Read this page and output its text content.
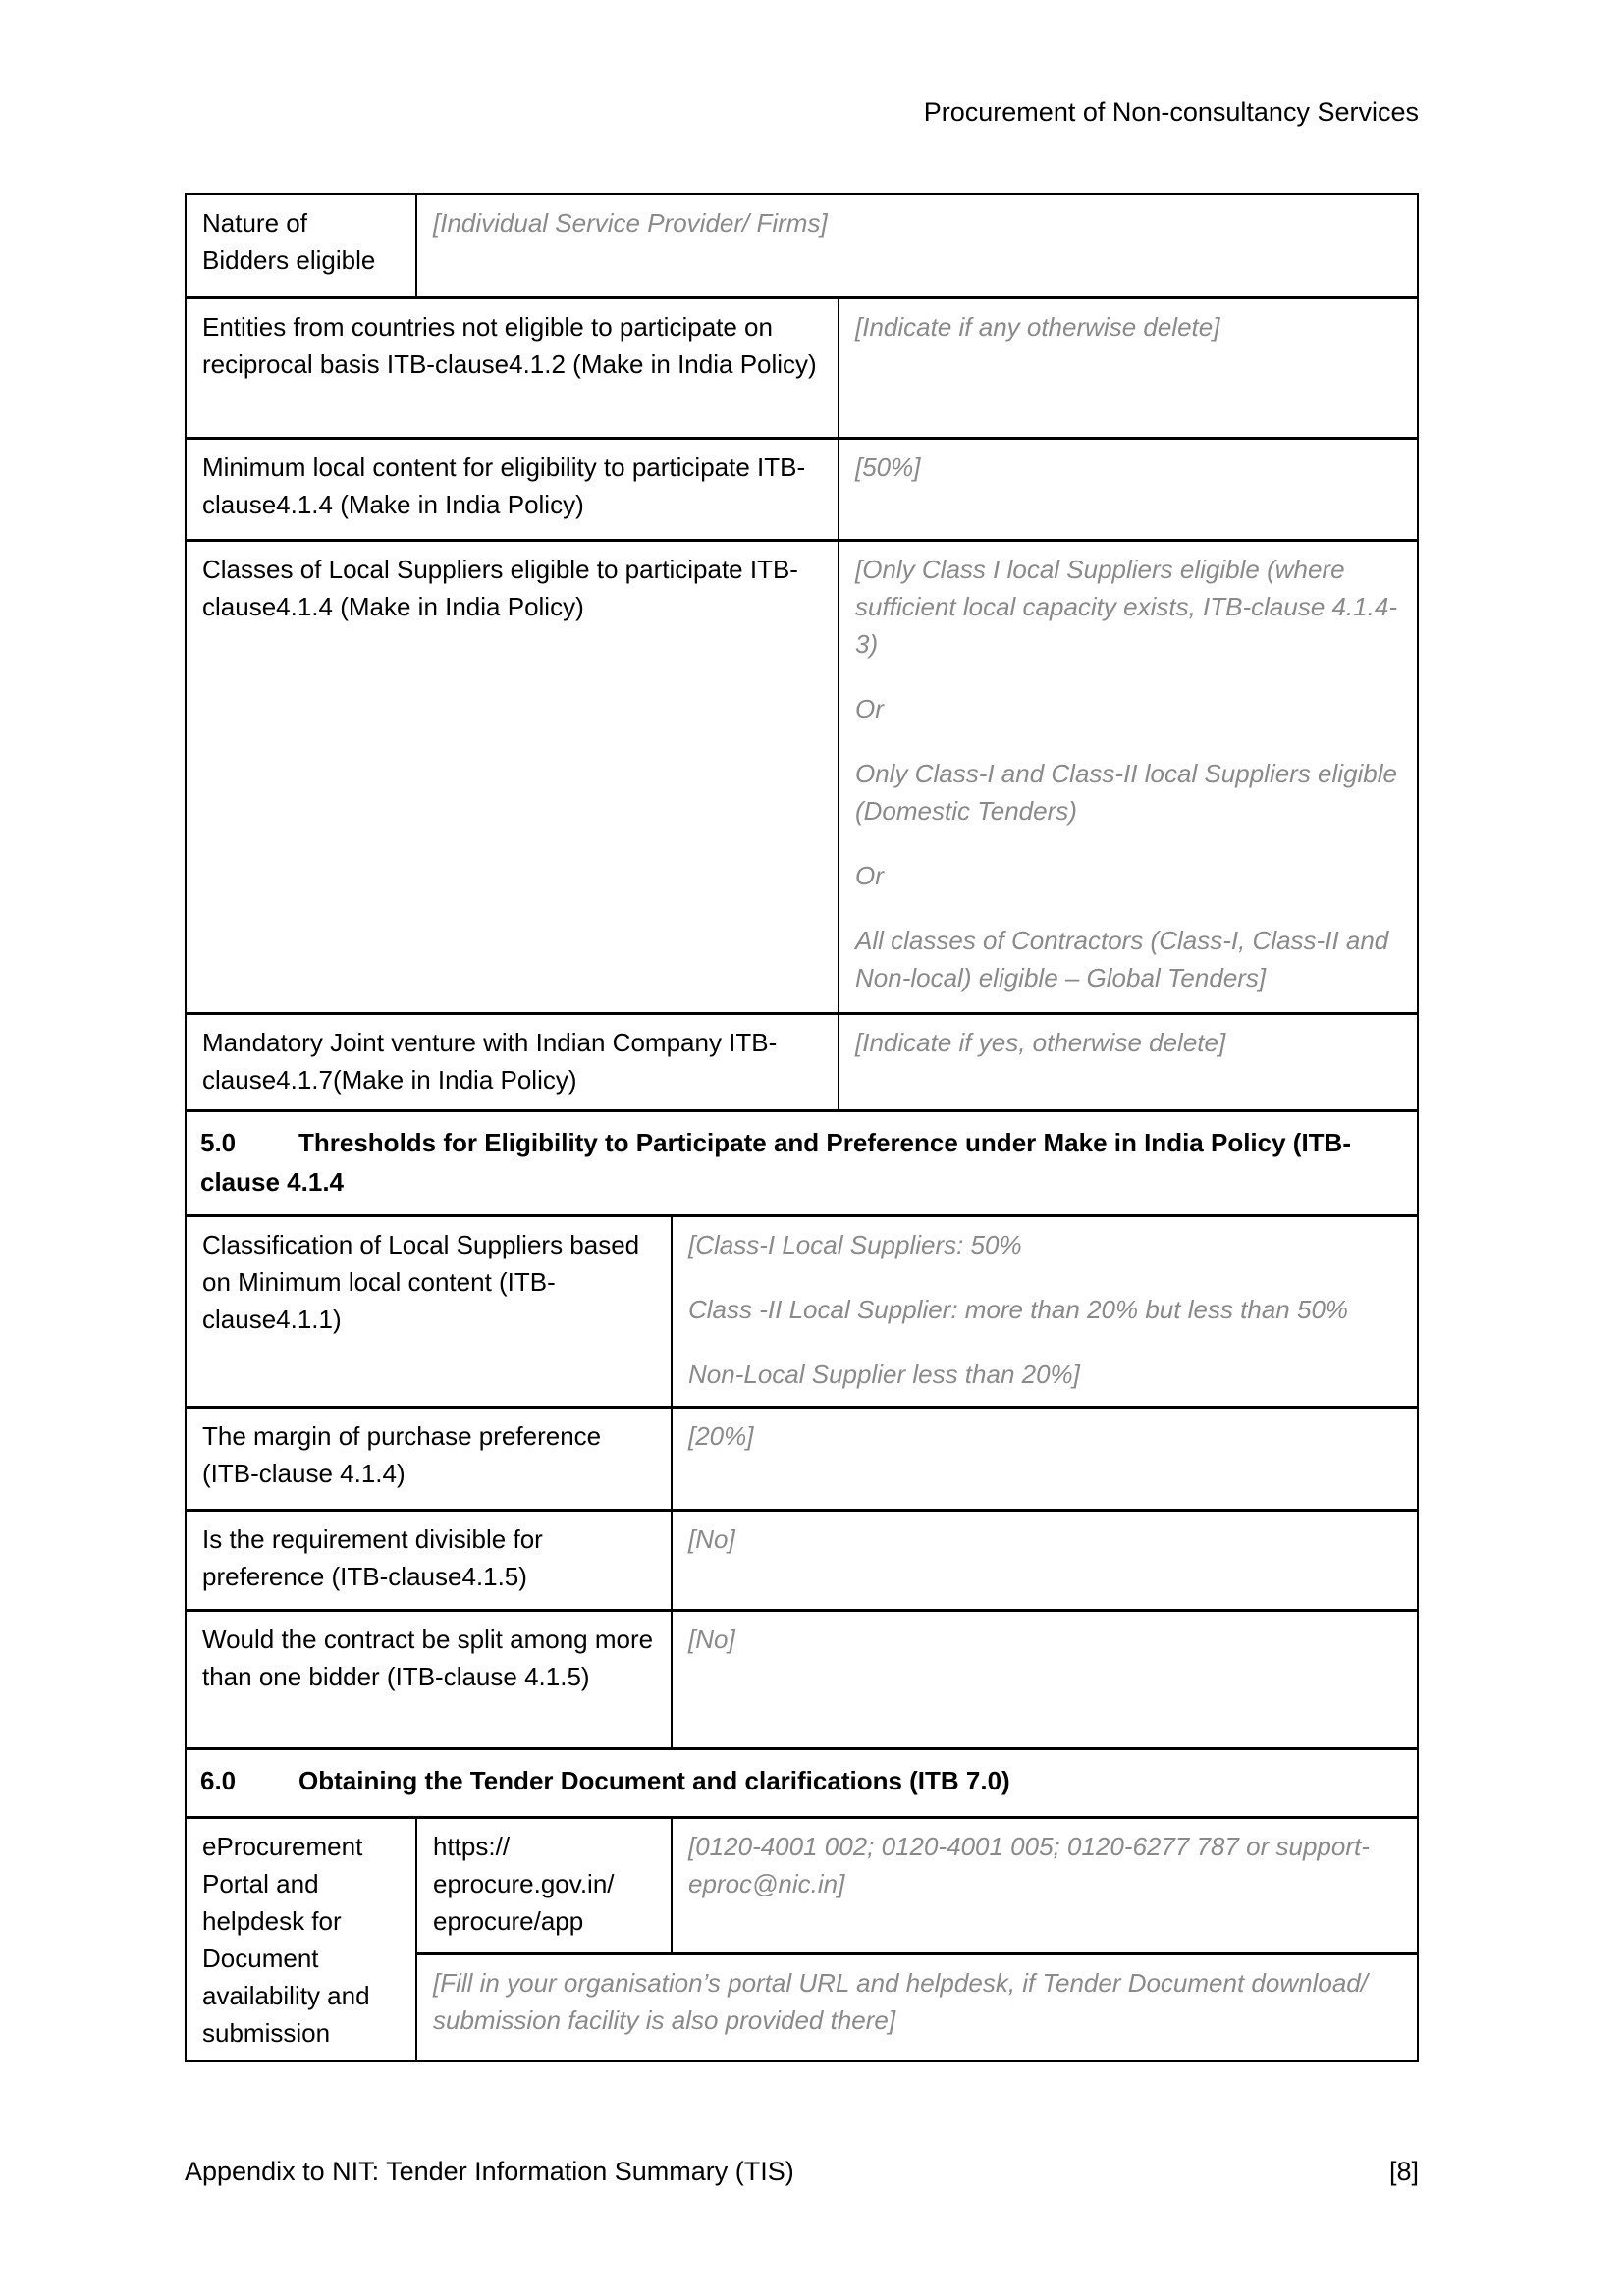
Procurement of Non-consultancy Services
Nature of Bidders eligible
[Individual Service Provider/ Firms]
Entities from countries not eligible to participate on reciprocal basis ITB-clause4.1.2 (Make in India Policy)
[Indicate if any otherwise delete]
Minimum local content for eligibility to participate ITB-clause4.1.4 (Make in India Policy)
[50%]
Classes of Local Suppliers eligible to participate ITB-clause4.1.4 (Make in India Policy)

[Only Class I local Suppliers eligible (where sufficient local capacity exists, ITB-clause 4.1.4-3)

Or

Only Class-I and Class-II local Suppliers eligible (Domestic Tenders)

Or

All classes of Contractors (Class-I, Class-II and Non-local) eligible – Global Tenders]

Mandatory Joint venture with Indian Company ITB-clause4.1.7(Make in India Policy)
[Indicate if yes, otherwise delete]
5.0 Thresholds for Eligibility to Participate and Preference under Make in India Policy (ITB-clause 4.1.4
Classification of Local Suppliers based on Minimum local content (ITB-clause4.1.1)

[Class-I Local Suppliers: 50%

Class -II Local Supplier: more than 20% but less than 50%

Non-Local Supplier less than 20%]

The margin of purchase preference (ITB-clause 4.1.4)
[20%]
Is the requirement divisible for preference (ITB-clause4.1.5)
[No]
Would the contract be split among more than one bidder (ITB-clause 4.1.5)
[No]
6.0 Obtaining the Tender Document and clarifications (ITB 7.0)
eProcurement Portal and helpdesk for Document availability and submission
https://
eprocure.gov.in/
eprocure/app
[0120-4001 002; 0120-4001 005; 0120-6277 787 or support-eproc@nic.in]
[Fill in your organisation’s portal URL and helpdesk, if Tender Document download/ submission facility is also provided there]
Appendix to NIT: Tender Information Summary (TIS)	[8]
